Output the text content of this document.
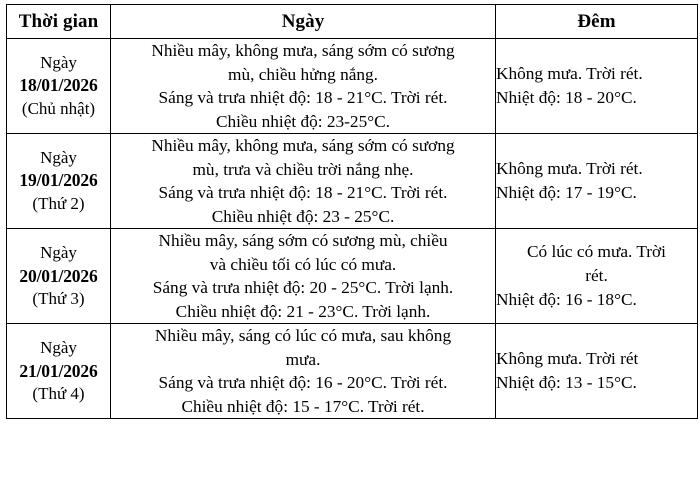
Thời gian	Ngày	Đêm

Ngày
18/01/2026
(Chủ nhật)	Nhiều mây, không mưa, sáng sớm có sương
mù, chiều hửng nắng.
Sáng và trưa nhiệt độ: 18 - 21°C. Trời rét.
Chiều nhiệt độ: 23-25°C.	Không mưa. Trời rét.
Nhiệt độ: 18 - 20°C.

Ngày
19/01/2026
(Thứ 2)	Nhiều mây, không mưa, sáng sớm có sương
mù, trưa và chiều trời nắng nhẹ.
Sáng và trưa nhiệt độ: 18 - 21°C. Trời rét.
Chiều nhiệt độ: 23 - 25°C.	Không mưa. Trời rét.
Nhiệt độ: 17 - 19°C.

Ngày
20/01/2026
(Thứ 3)	Nhiều mây, sáng sớm có sương mù, chiều
và chiều tối có lúc có mưa.
Sáng và trưa nhiệt độ: 20 - 25°C. Trời lạnh.
Chiều nhiệt độ: 21 - 23°C. Trời lạnh.	Có lúc có mưa. Trời
rét.
Nhiệt độ: 16 - 18°C.

Ngày
21/01/2026
(Thứ 4)	Nhiều mây, sáng có lúc có mưa, sau không
mưa.
Sáng và trưa nhiệt độ: 16 - 20°C. Trời rét.
Chiều nhiệt độ: 15 - 17°C. Trời rét.	Không mưa. Trời rét
Nhiệt độ: 13 - 15°C.
